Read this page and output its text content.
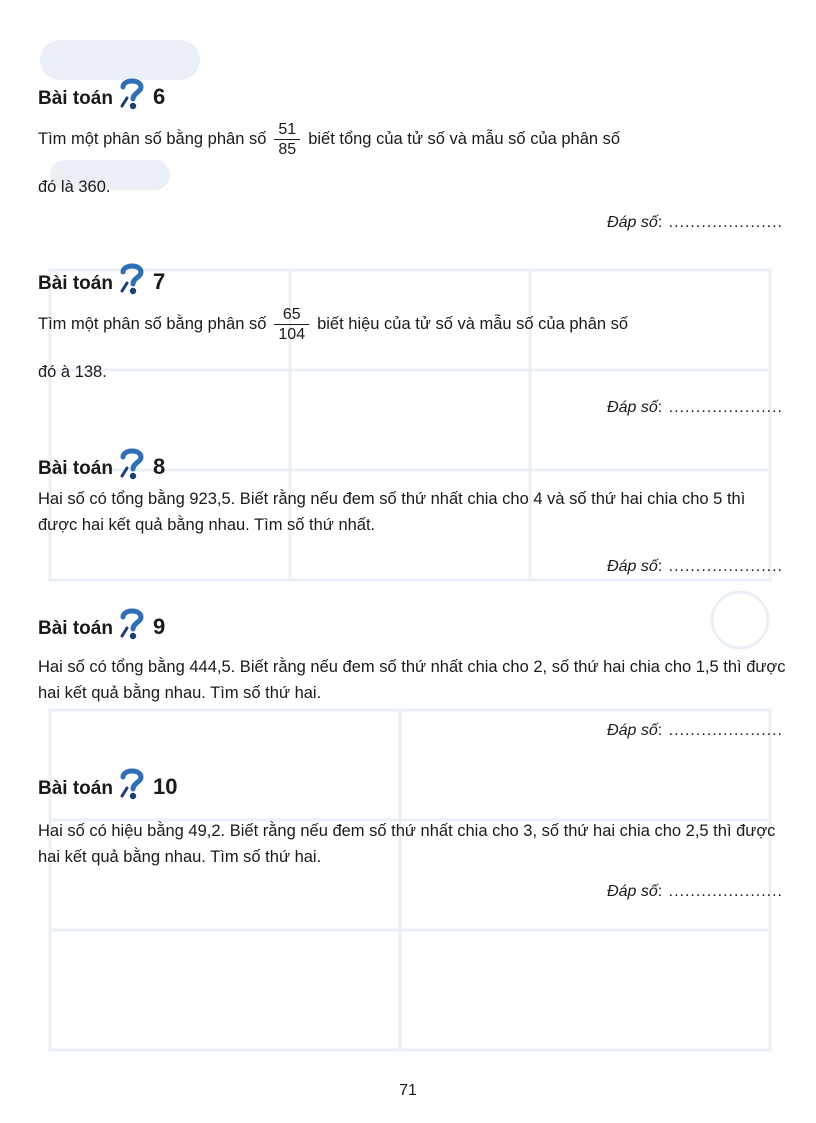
Bài toán 6
Tìm một phân số bằng phân số $\frac{51}{85}$ biết tổng của tử số và mẫu số của phân số
đó là 360.
Đáp số: .....................
Bài toán 7
Tìm một phân số bằng phân số $\frac{65}{104}$ biết hiệu của tử số và mẫu số của phân số
đó à 138.
Đáp số: .....................
Bài toán 8
Hai số có tổng bằng 923,5. Biết rằng nếu đem số thứ nhất chia cho 4 và số thứ hai chia cho 5 thì được hai kết quả bằng nhau. Tìm số thứ nhất.
Đáp số: .....................
Bài toán 9
Hai số có tổng bằng 444,5. Biết rằng nếu đem số thứ nhất chia cho 2, số thứ hai chia cho 1,5 thì được hai kết quả bằng nhau. Tìm số thứ hai.
Đáp số: .....................
Bài toán 10
Hai số có hiệu bằng 49,2. Biết rằng nếu đem số thứ nhất chia cho 3, số thứ hai chia cho 2,5 thì được hai kết quả bằng nhau. Tìm số thứ hai.
Đáp số: .....................
71
